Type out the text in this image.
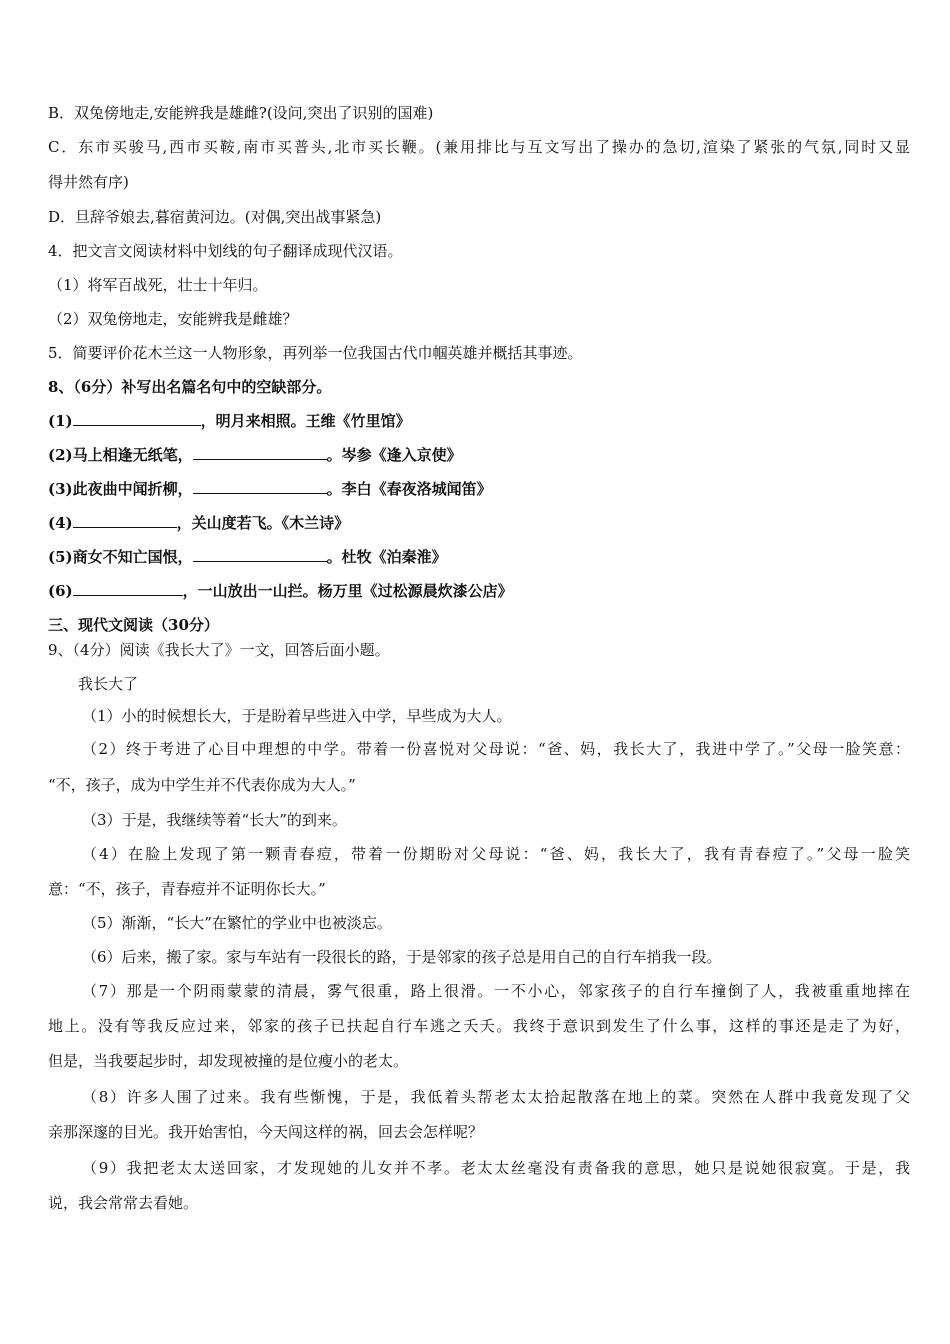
B．双兔傍地走,安能辨我是雄雌?(设问,突出了识别的国难)
C．东市买骏马,西市买鞍,南市买普头,北市买长鞭。(兼用排比与互文写出了操办的急切,渲染了紧张的气氛,同时又显
得井然有序)
D．旦辞爷娘去,暮宿黄河边。(对偶,突出战事紧急)
4．把文言文阅读材料中划线的句子翻译成现代汉语。
（1）将军百战死，壮士十年归。
（2）双兔傍地走，安能辨我是雌雄？
5．简要评价花木兰这一人物形象，再列举一位我国古代巾帼英雄并概括其事迹。
8、（6分）补写出名篇名句中的空缺部分。
(1)	，明月来相照。王维《竹里馆》
(2)马上相逢无纸笔，	。岑参《逢入京使》
(3)此夜曲中闻折柳，	。李白《春夜洛城闻笛》
(4)	，关山度若飞。《木兰诗》
(5)商女不知亡国恨，	。杜牧《泊秦淮》
(6)	，一山放出一山拦。杨万里《过松源晨炊漆公店》
三、现代文阅读（30分）
9、（4分）阅读《我长大了》一文，回答后面小题。
我长大了
（1）小的时候想长大，于是盼着早些进入中学，早些成为大人。
（2）终于考进了心目中理想的中学。带着一份喜悦对父母说：“爸、妈，我长大了，我进中学了。”父母一脸笑意：
“不，孩子，成为中学生并不代表你成为大人。”
（3）于是，我继续等着“长大”的到来。
（4）在脸上发现了第一颗青春痘，带着一份期盼对父母说：“爸、妈，我长大了，我有青春痘了。”父母一脸笑
意：“不，孩子，青春痘并不证明你长大。”
（5）渐渐，“长大”在繁忙的学业中也被淡忘。
（6）后来，搬了家。家与车站有一段很长的路，于是邻家的孩子总是用自己的自行车捎我一段。
（7）那是一个阴雨蒙蒙的清晨，雾气很重，路上很滑。一不小心，邻家孩子的自行车撞倒了人，我被重重地摔在
地上。没有等我反应过来，邻家的孩子已扶起自行车逃之夭夭。我终于意识到发生了什么事，这样的事还是走了为好，
但是，当我要起步时，却发现被撞的是位瘦小的老太。
（8）许多人围了过来。我有些惭愧，于是，我低着头帮老太太拾起散落在地上的菜。突然在人群中我竟发现了父
亲那深邃的目光。我开始害怕，今天闯这样的祸，回去会怎样呢？
（9）我把老太太送回家，才发现她的儿女并不孝。老太太丝毫没有责备我的意思，她只是说她很寂寞。于是，我
说，我会常常去看她。
